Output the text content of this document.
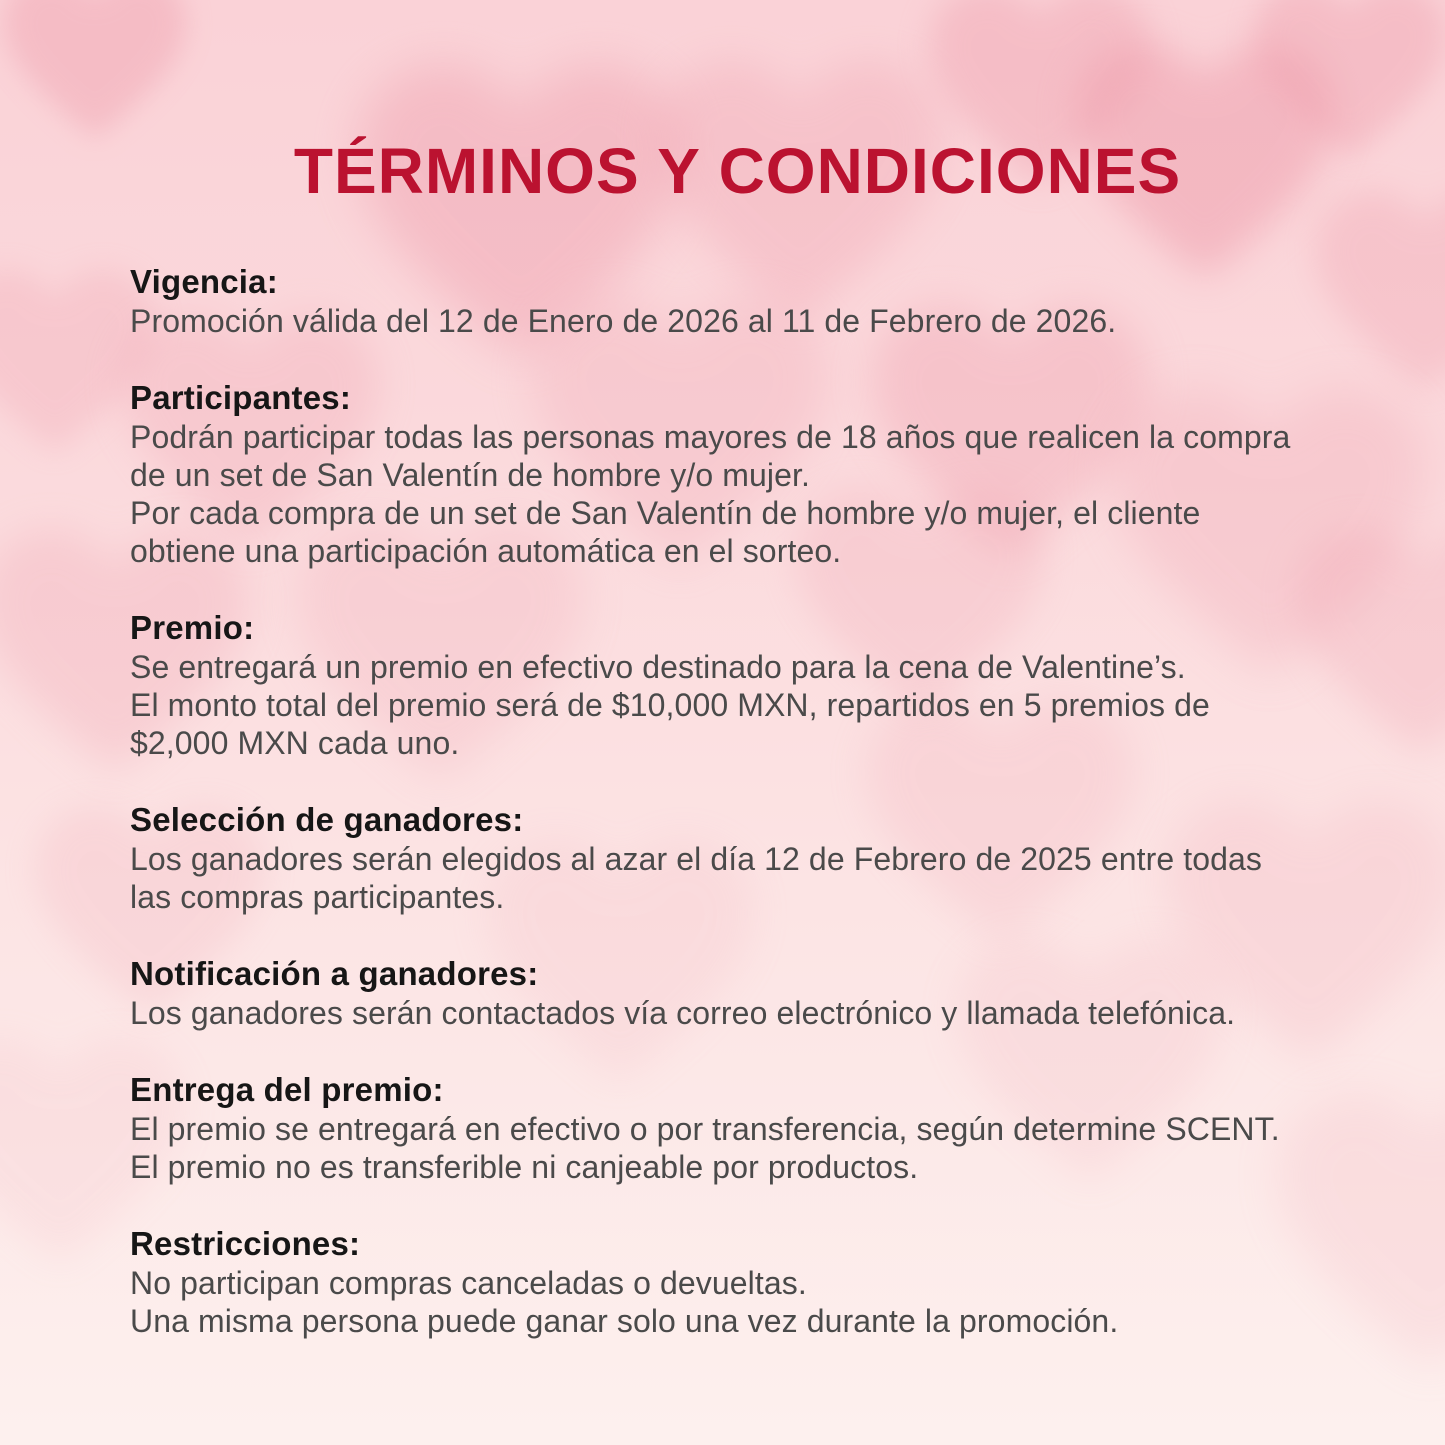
TÉRMINOS Y CONDICIONES
Vigencia:

Promoción válida del 12 de Enero de 2026 al 11 de Febrero de 2026.

Participantes:

Podrán participar todas las personas mayores de 18 años que realicen la compra

de un set de San Valentín de hombre y/o mujer.

Por cada compra de un set de San Valentín de hombre y/o mujer, el cliente

obtiene una participación automática en el sorteo.

Premio:

Se entregará un premio en efectivo destinado para la cena de Valentine’s.

El monto total del premio será de $10,000 MXN, repartidos en 5 premios de

$2,000 MXN cada uno.

Selección de ganadores:

Los ganadores serán elegidos al azar el día 12 de Febrero de 2025 entre todas

las compras participantes.

Notificación a ganadores:

Los ganadores serán contactados vía correo electrónico y llamada telefónica.

Entrega del premio:

El premio se entregará en efectivo o por transferencia, según determine SCENT.

El premio no es transferible ni canjeable por productos.

Restricciones:

No participan compras canceladas o devueltas.

Una misma persona puede ganar solo una vez durante la promoción.
